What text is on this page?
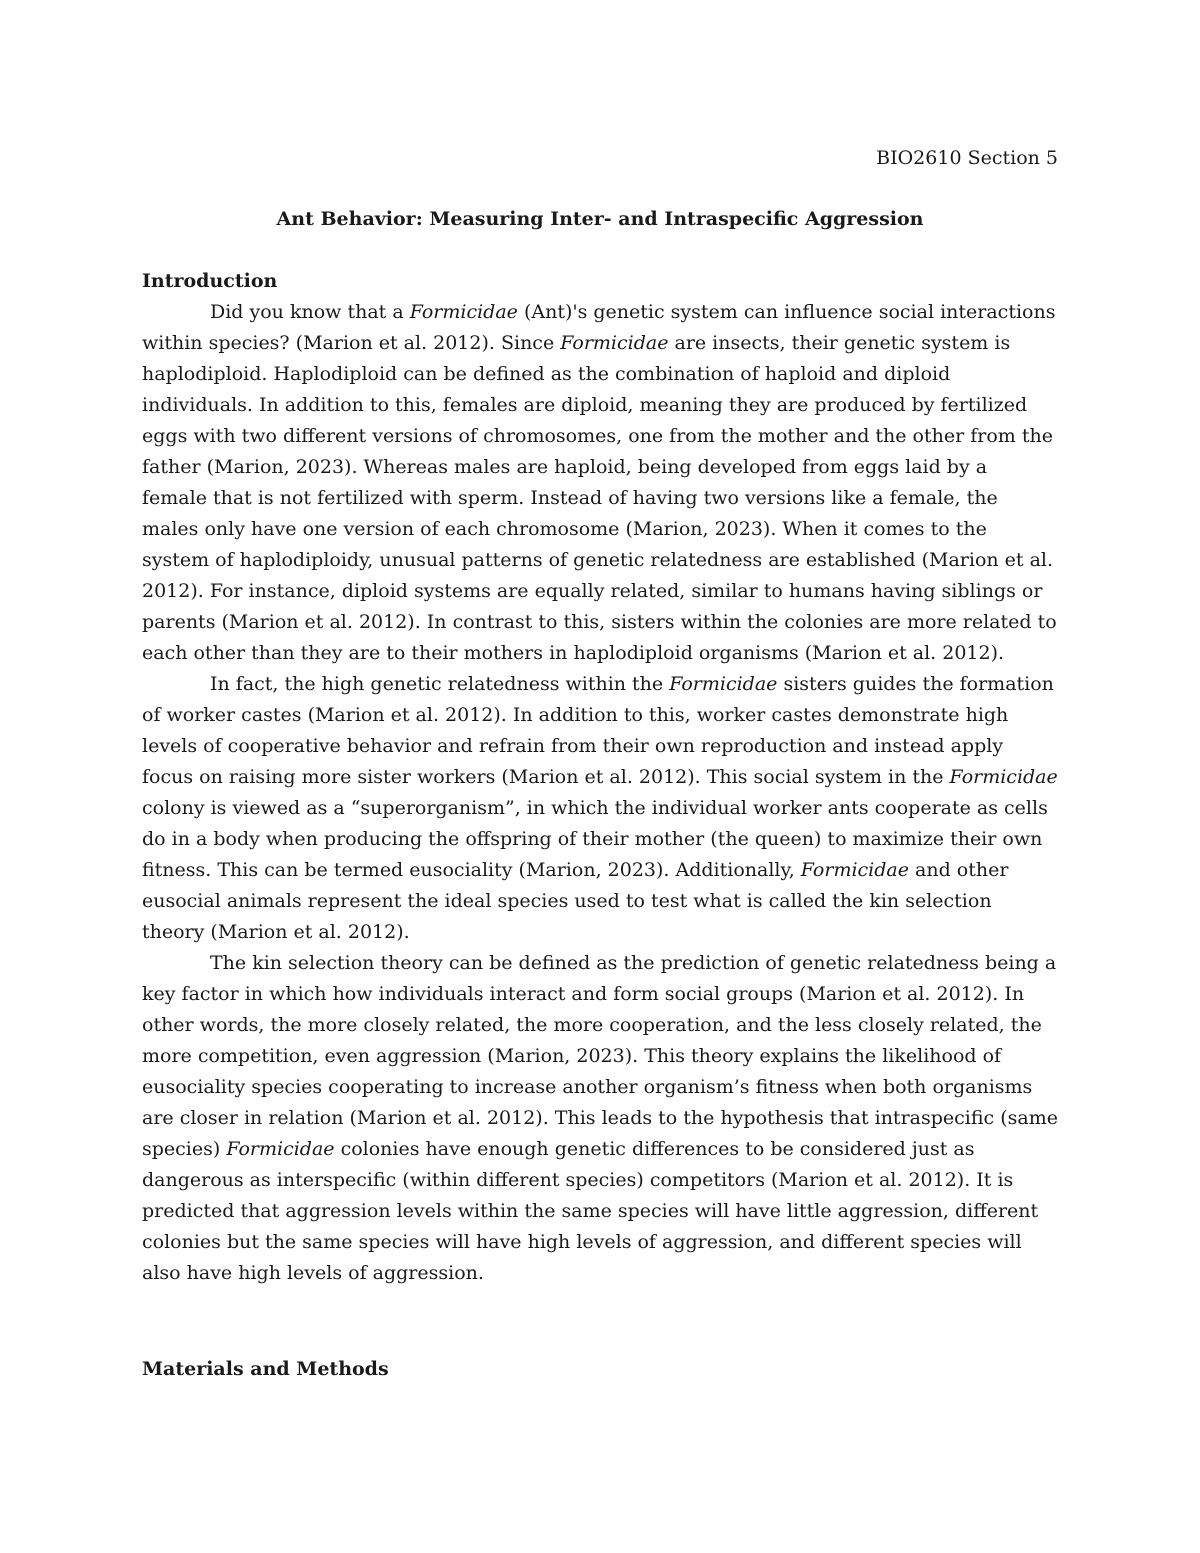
BIO2610 Section 5
Ant Behavior: Measuring Inter- and Intraspecific Aggression

Introduction

Did you know that a Formicidae (Ant)'s genetic system can influence social interactions within species? (Marion et al. 2012). Since Formicidae are insects, their genetic system is haplodiploid. Haplodiploid can be defined as the combination of haploid and diploid individuals. In addition to this, females are diploid, meaning they are produced by fertilized eggs with two different versions of chromosomes, one from the mother and the other from the father (Marion, 2023). Whereas males are haploid, being developed from eggs laid by a female that is not fertilized with sperm. Instead of having two versions like a female, the males only have one version of each chromosome (Marion, 2023). When it comes to the system of haplodiploidy, unusual patterns of genetic relatedness are established (Marion et al. 2012). For instance, diploid systems are equally related, similar to humans having siblings or parents (Marion et al. 2012). In contrast to this, sisters within the colonies are more related to each other than they are to their mothers in haplodiploid organisms (Marion et al. 2012).

In fact, the high genetic relatedness within the Formicidae sisters guides the formation of worker castes (Marion et al. 2012). In addition to this, worker castes demonstrate high levels of cooperative behavior and refrain from their own reproduction and instead apply focus on raising more sister workers (Marion et al. 2012). This social system in the Formicidae colony is viewed as a “superorganism”, in which the individual worker ants cooperate as cells do in a body when producing the offspring of their mother (the queen) to maximize their own fitness. This can be termed eusociality (Marion, 2023). Additionally, Formicidae and other eusocial animals represent the ideal species used to test what is called the kin selection theory (Marion et al. 2012).

The kin selection theory can be defined as the prediction of genetic relatedness being a key factor in which how individuals interact and form social groups (Marion et al. 2012). In other words, the more closely related, the more cooperation, and the less closely related, the more competition, even aggression (Marion, 2023). This theory explains the likelihood of eusociality species cooperating to increase another organism’s fitness when both organisms are closer in relation (Marion et al. 2012). This leads to the hypothesis that intraspecific (same species) Formicidae colonies have enough genetic differences to be considered just as dangerous as interspecific (within different species) competitors (Marion et al. 2012). It is predicted that aggression levels within the same species will have little aggression, different colonies but the same species will have high levels of aggression, and different species will also have high levels of aggression.

Materials and Methods
